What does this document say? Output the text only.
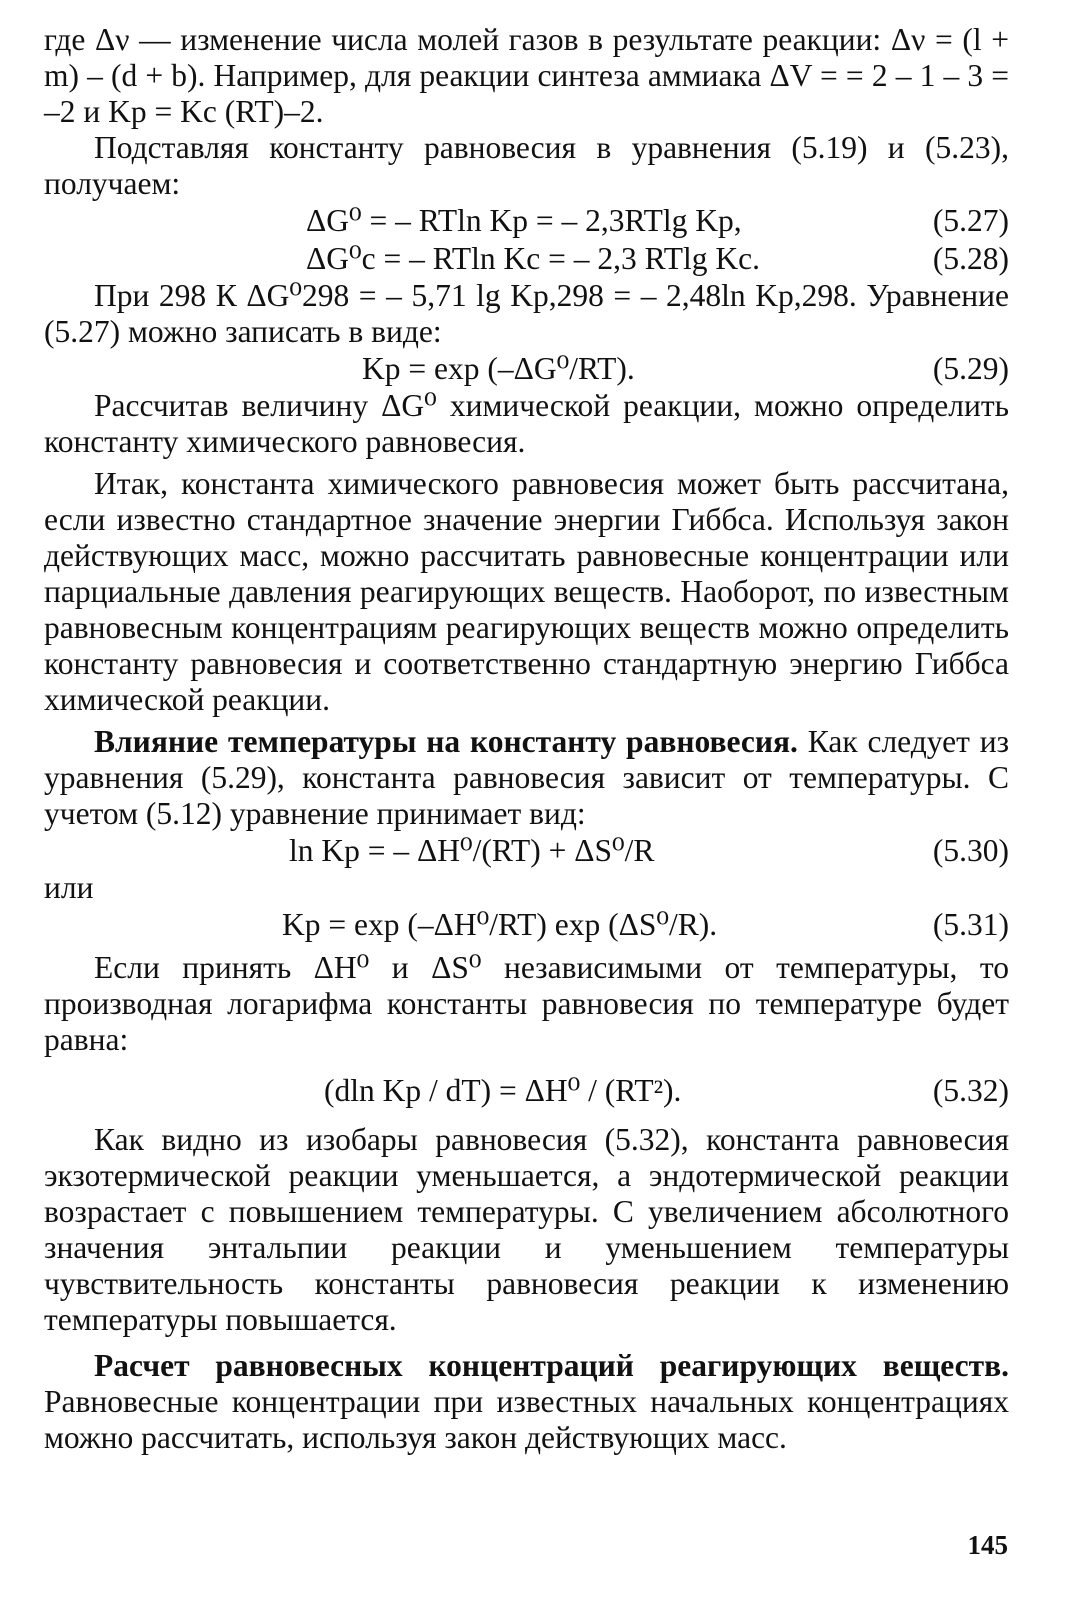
где Δν — изменение числа молей газов в результате реакции: Δν = (l + m) – (d + b). Например, для реакции синтеза аммиака ΔV = = 2 – 1 – 3 = –2 и Kp = Kc (RT)–2.

Подставляя константу равновесия в уравнения (5.19) и (5.23), получаем:

ΔG⁰ = – RTln Kp = – 2,3RTlg Kp,	(5.27)
ΔG⁰c = – RTln Kc = – 2,3 RTlg Kc.	(5.28)

При 298 К ΔG⁰298 = – 5,71 lg Kp,298 = – 2,48ln Kp,298. Уравнение (5.27) можно записать в виде:

Kp = exp (–ΔG⁰/RT).	(5.29)

Рассчитав величину ΔG⁰ химической реакции, можно определить константу химического равновесия.

Итак, константа химического равновесия может быть рассчитана, если известно стандартное значение энергии Гиббса. Используя закон действующих масс, можно рассчитать равновесные концентрации или парциальные давления реагирующих веществ. Наоборот, по известным равновесным концентрациям реагирующих веществ можно определить константу равновесия и соответственно стандартную энергию Гиббса химической реакции.

Влияние температуры на константу равновесия. Как следует из уравнения (5.29), константа равновесия зависит от температуры. С учетом (5.12) уравнение принимает вид:

ln Kp = – ΔH⁰/(RT) + ΔS⁰/R	(5.30)

или

Kp = exp (–ΔH⁰/RT) exp (ΔS⁰/R).	(5.31)

Если принять ΔH⁰ и ΔS⁰ независимыми от температуры, то производная логарифма константы равновесия по температуре будет равна:

(dln Kp / dT) = ΔH⁰ / (RT²).	(5.32)

Как видно из изобары равновесия (5.32), константа равновесия экзотермической реакции уменьшается, а эндотермической реакции возрастает с повышением температуры. С увеличением абсолютного значения энтальпии реакции и уменьшением температуры чувствительность константы равновесия реакции к изменению температуры повышается.

Расчет равновесных концентраций реагирующих веществ. Равновесные концентрации при известных начальных концентрациях можно рассчитать, используя закон действующих масс.

145
